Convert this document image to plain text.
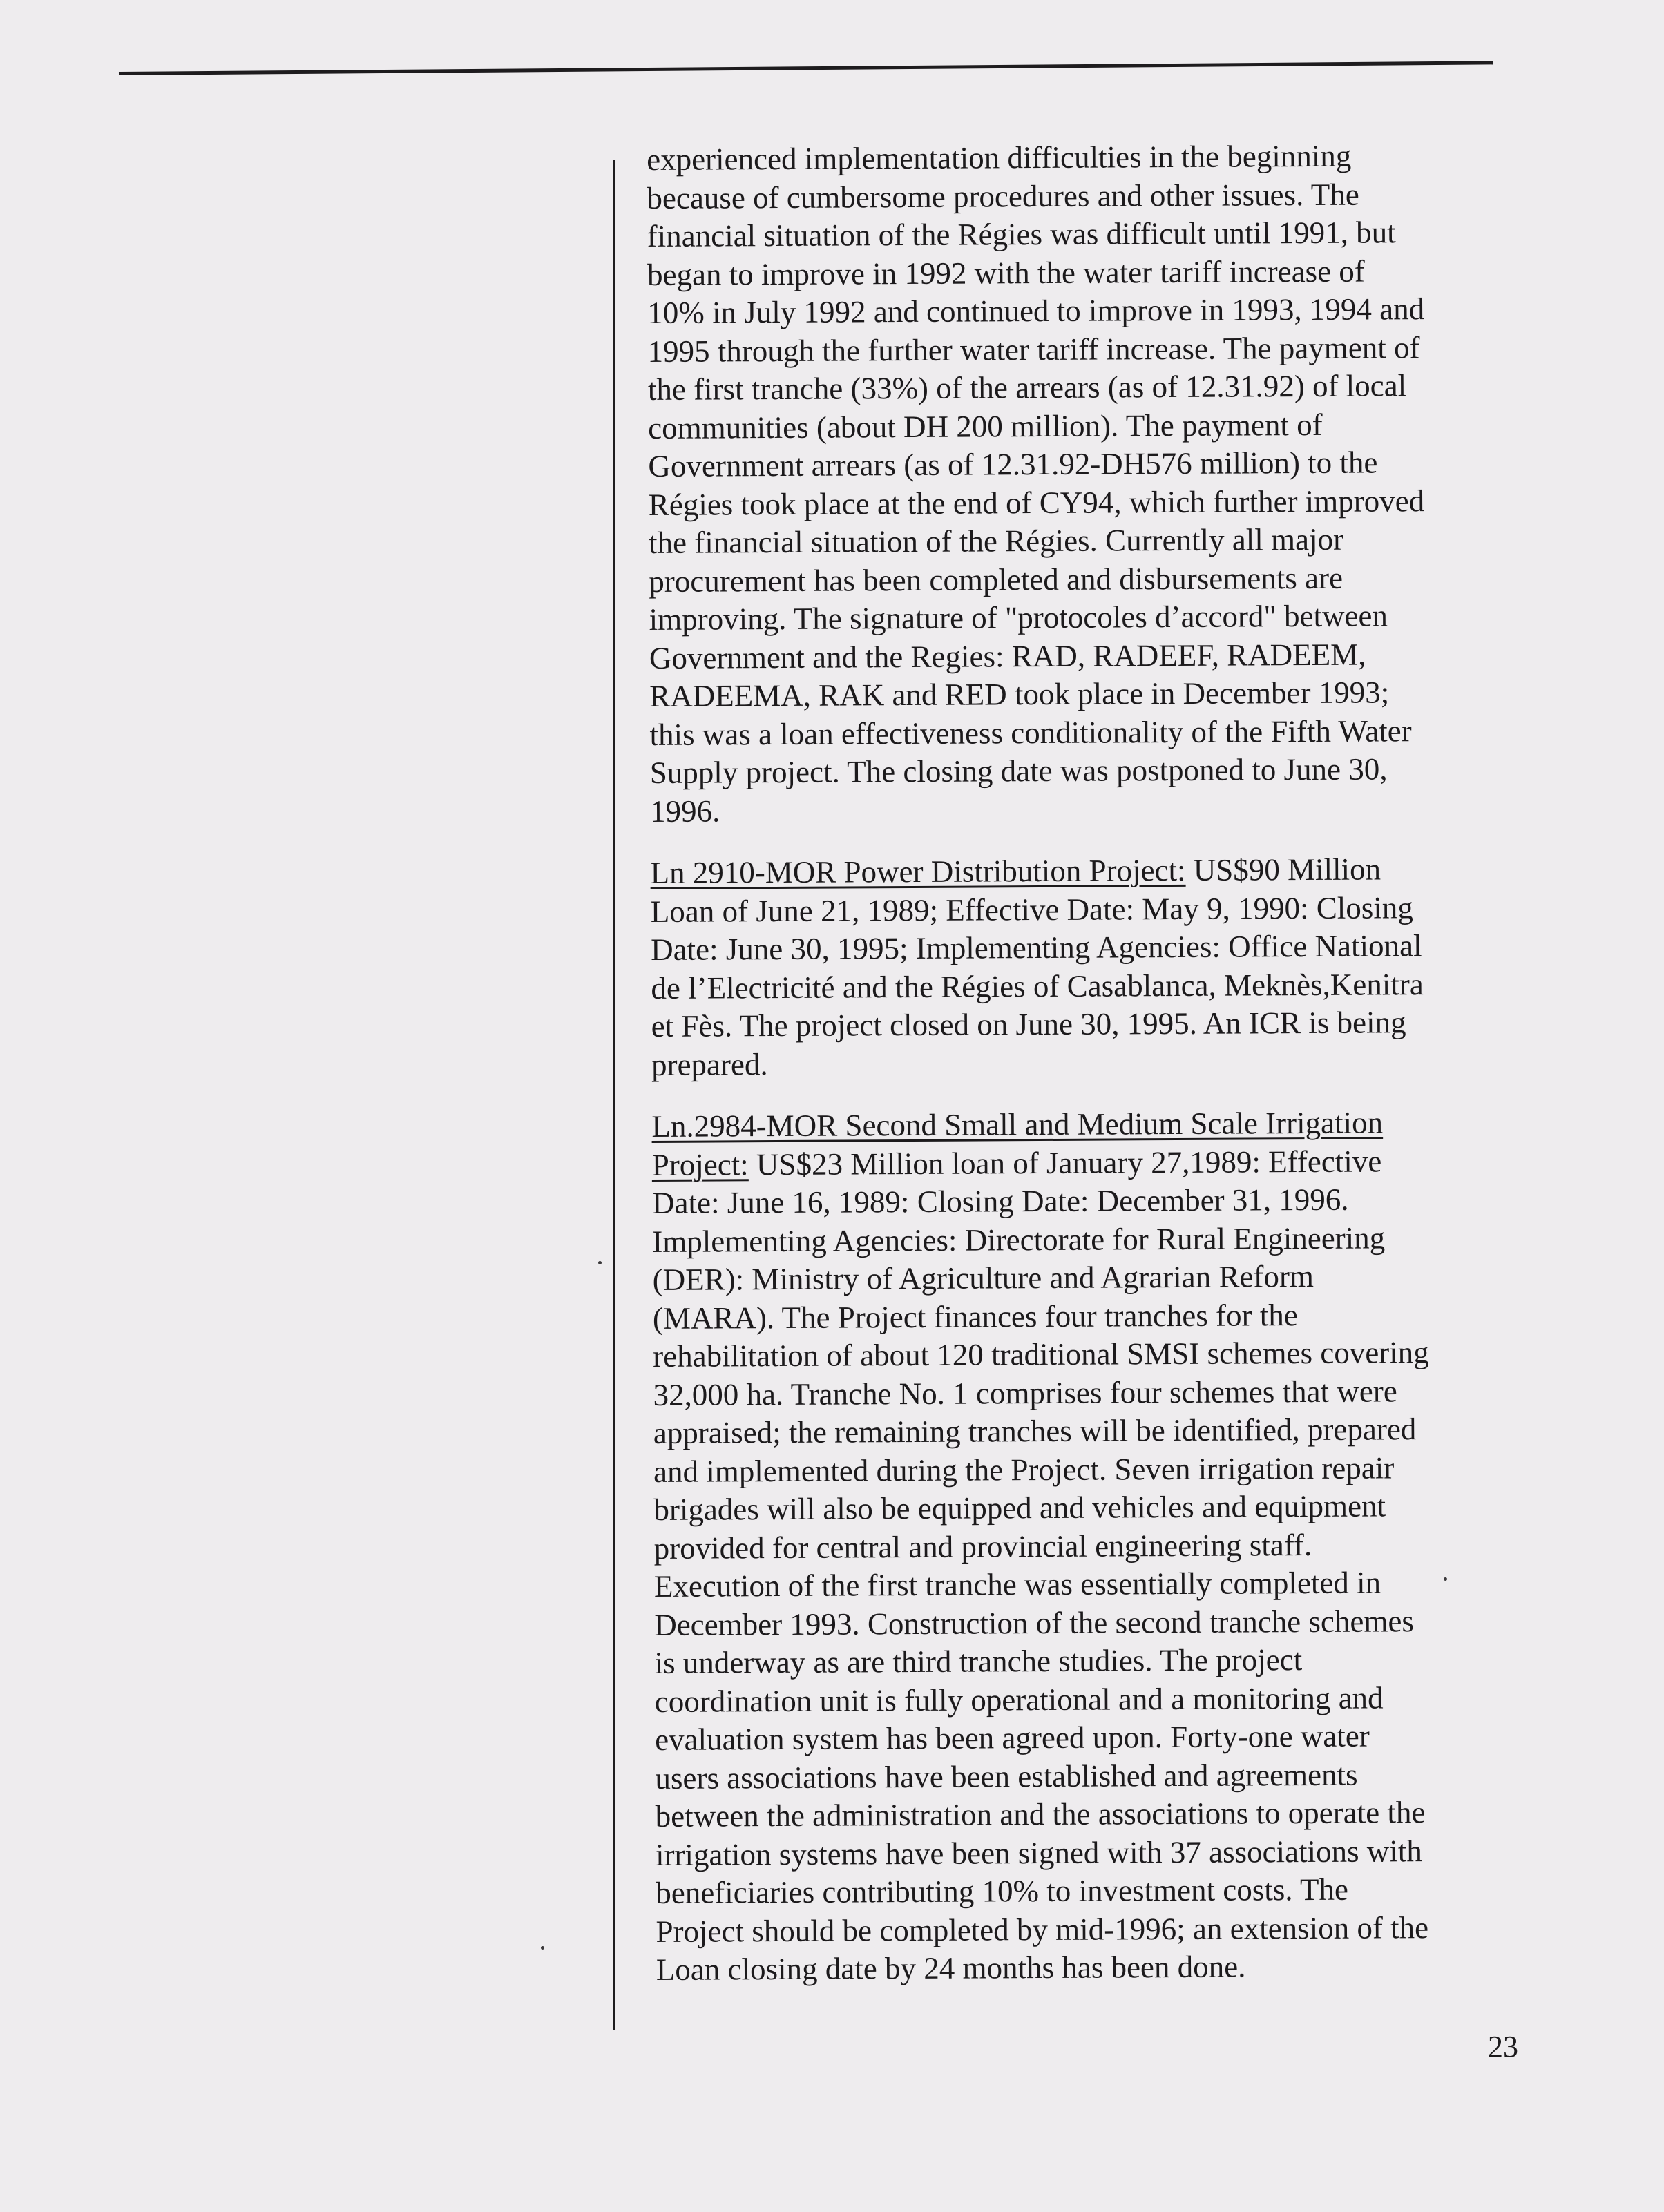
experienced implementation difficulties in the beginning
because of cumbersome procedures and other issues. The
financial situation of the Régies was difficult until 1991, but
began to improve in 1992 with the water tariff increase of
10% in July 1992 and continued to improve in 1993, 1994 and
1995 through the further water tariff increase. The payment of
the first tranche (33%) of the arrears (as of 12.31.92) of local
communities (about DH 200 million). The payment of
Government arrears (as of 12.31.92-DH576 million) to the
Régies took place at the end of CY94, which further improved
the financial situation of the Régies. Currently all major
procurement has been completed and disbursements are
improving. The signature of "protocoles d’accord" between
Government and the Regies: RAD, RADEEF, RADEEM,
RADEEMA, RAK and RED took place in December 1993;
this was a loan effectiveness conditionality of the Fifth Water
Supply project. The closing date was postponed to June 30,
1996.
Ln 2910-MOR Power Distribution Project: US$90 Million
Loan of June 21, 1989; Effective Date: May 9, 1990: Closing
Date: June 30, 1995; Implementing Agencies: Office National
de l’Electricité and the Régies of Casablanca, Meknès,Kenitra
et Fès. The project closed on June 30, 1995. An ICR is being
prepared.
Ln.2984-MOR Second Small and Medium Scale Irrigation
Project: US$23 Million loan of January 27,1989: Effective
Date: June 16, 1989: Closing Date: December 31, 1996.
Implementing Agencies: Directorate for Rural Engineering
(DER): Ministry of Agriculture and Agrarian Reform
(MARA). The Project finances four tranches for the
rehabilitation of about 120 traditional SMSI schemes covering
32,000 ha. Tranche No. 1 comprises four schemes that were
appraised; the remaining tranches will be identified, prepared
and implemented during the Project. Seven irrigation repair
brigades will also be equipped and vehicles and equipment
provided for central and provincial engineering staff.
Execution of the first tranche was essentially completed in
December 1993. Construction of the second tranche schemes
is underway as are third tranche studies. The project
coordination unit is fully operational and a monitoring and
evaluation system has been agreed upon. Forty-one water
users associations have been established and agreements
between the administration and the associations to operate the
irrigation systems have been signed with 37 associations with
beneficiaries contributing 10% to investment costs. The
Project should be completed by mid-1996; an extension of the
Loan closing date by 24 months has been done.
23
